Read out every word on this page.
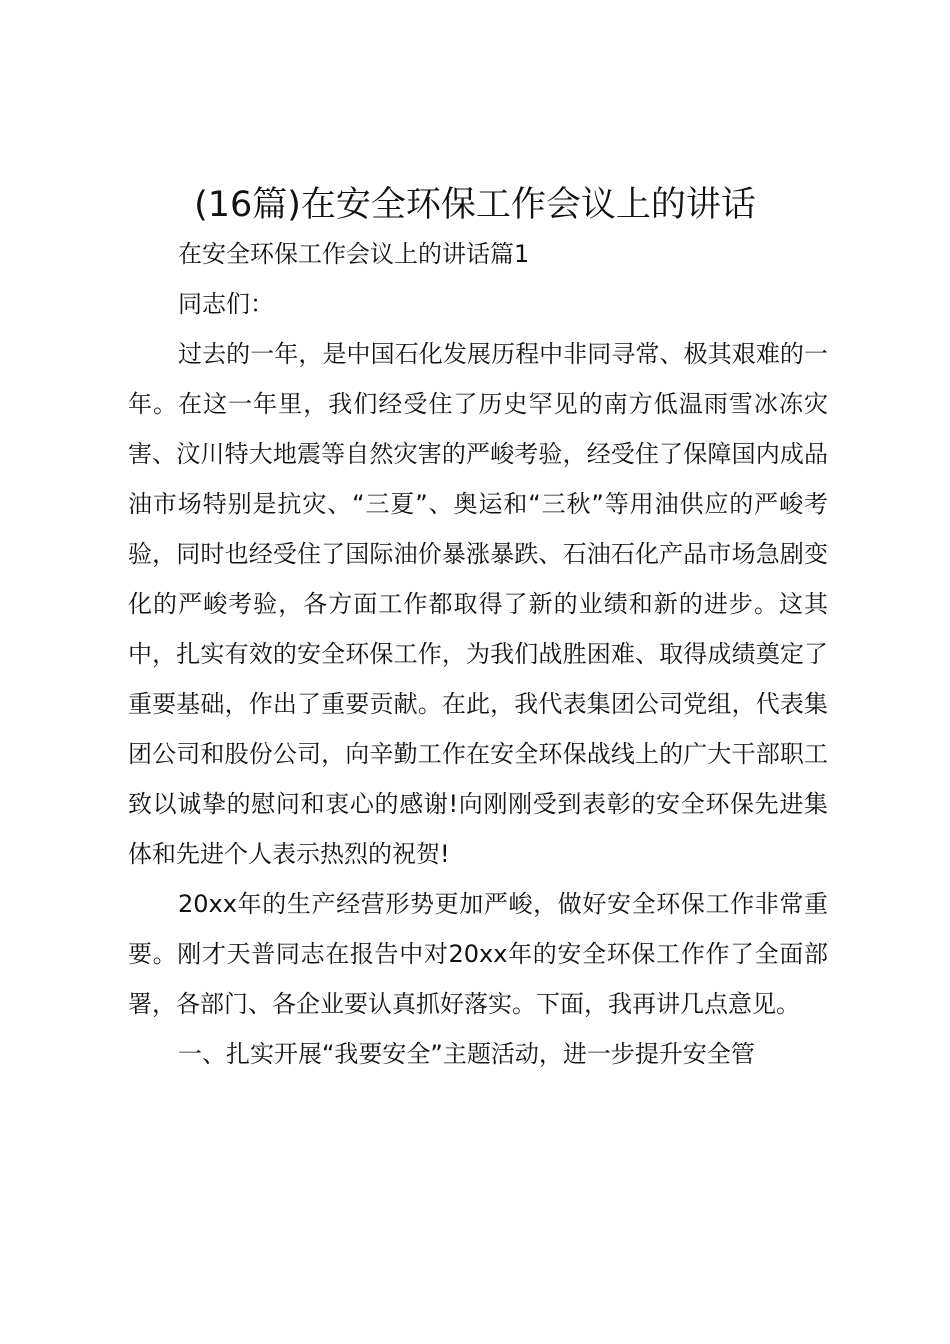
(16篇)在安全环保工作会议上的讲话

在安全环保工作会议上的讲话篇1

同志们：

过去的一年，是中国石化发展历程中非同寻常、极其艰难的一年。在这一年里，我们经受住了历史罕见的南方低温雨雪冰冻灾害、汶川特大地震等自然灾害的严峻考验，经受住了保障国内成品油市场特别是抗灾、“三夏”、奥运和“三秋”等用油供应的严峻考验，同时也经受住了国际油价暴涨暴跌、石油石化产品市场急剧变化的严峻考验，各方面工作都取得了新的业绩和新的进步。这其中，扎实有效的安全环保工作，为我们战胜困难、取得成绩奠定了重要基础，作出了重要贡献。在此，我代表集团公司党组，代表集团公司和股份公司，向辛勤工作在安全环保战线上的广大干部职工致以诚挚的慰问和衷心的感谢!向刚刚受到表彰的安全环保先进集体和先进个人表示热烈的祝贺!

20xx年的生产经营形势更加严峻，做好安全环保工作非常重要。刚才天普同志在报告中对20xx年的安全环保工作作了全面部署，各部门、各企业要认真抓好落实。下面，我再讲几点意见。

一、扎实开展“我要安全”主题活动，进一步提升安全管
